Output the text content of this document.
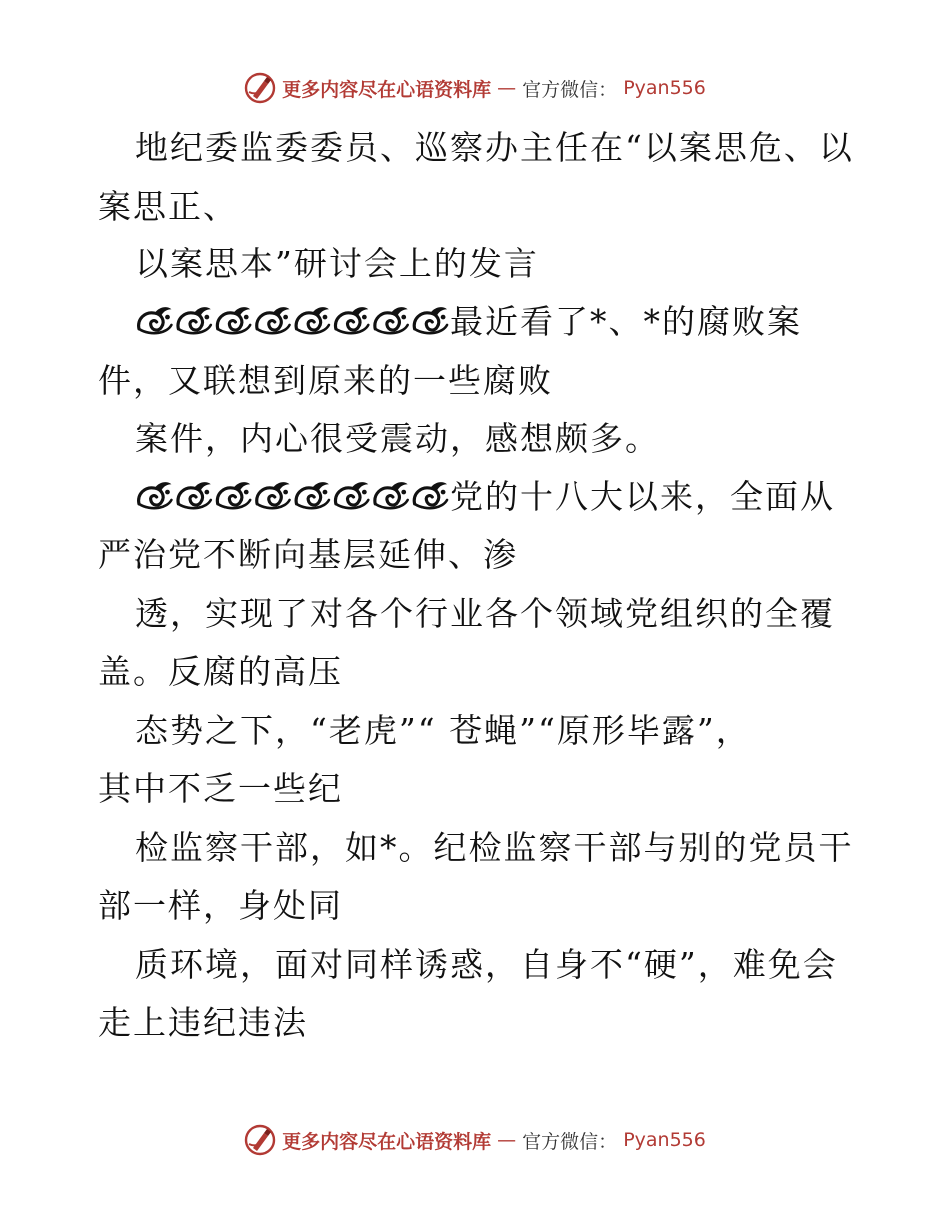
更多内容尽在心语资料库 — 官方微信： Pyan556
地纪委监委委员、巡察办主任在“以案思危、以
案思正、
以案思本”研讨会上的发言
最近看了*、*的腐败案
件，又联想到原来的一些腐败
案件，内心很受震动，感想颇多。
党的十八大以来，全面从
严治党不断向基层延伸、渗
透，实现了对各个行业各个领域党组织的全覆
盖。反腐的高压
态势之下，“老虎”“ 苍蝇”“原形毕露”，
其中不乏一些纪
检监察干部，如*。纪检监察干部与别的党员干
部一样，身处同
质环境，面对同样诱惑，自身不“硬”，难免会
走上违纪违法
更多内容尽在心语资料库 — 官方微信： Pyan556
